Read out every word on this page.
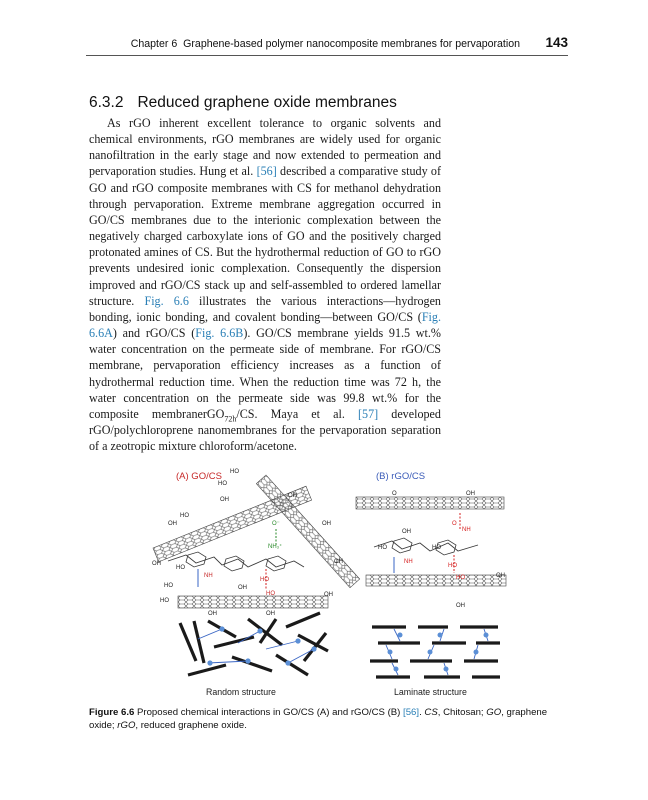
Chapter 6 Graphene-based polymer nanocomposite membranes for pervaporation 143
6.3.2 Reduced graphene oxide membranes

As rGO inherent excellent tolerance to organic solvents and chemical environments, rGO membranes are widely used for organic nanofiltration in the early stage and now extended to permeation and pervaporation studies. Hung et al. [56] described a comparative study of GO and rGO composite membranes with CS for methanol dehydration through pervaporation. Extreme membrane aggregation occurred in GO/CS membranes due to the interionic complexation between the negatively charged carboxylate ions of GO and the positively charged protonated amines of CS. But the hydrothermal reduction of GO to rGO prevents undesired ionic complexation. Consequently the dispersion improved and rGO/CS stack up and self-assembled to ordered lamellar structure. Fig. 6.6 illustrates the various interactions—hydrogen bonding, ionic bonding, and covalent bonding—between GO/CS (Fig. 6.6A) and rGO/CS (Fig. 6.6B). GO/CS membrane yields 91.5 wt.% water concentration on the permeate side of membrane. For rGO/CS membrane, pervaporation efficiency increases as a function of hydrothermal reduction time. When the reduction time was 72 h, the water concentration on the permeate side was 99.8 wt.% for the composite membranerGO$_{72h}$/CS. Maya et al. [57] developed rGO/polychloroprene nanomembranes for the pervaporation separation of a zeotropic mixture chloroform/acetone.

(A) GO/CS	(B) rGO/CS
HO
HO
OH
OH
HO
OH	OH
O⁻
NH₃⁺
OH
HO
OH
NH
HO
HO
OH
HO
HO
OH
OH	OH
O	OH
O
NH
OH
HO	HO
NH
HO
HO	OH
OH
Random structure	Laminate structure

Figure 6.6 Proposed chemical interactions in GO/CS (A) and rGO/CS (B) [56]. CS, Chitosan; GO, graphene oxide; rGO, reduced graphene oxide.
